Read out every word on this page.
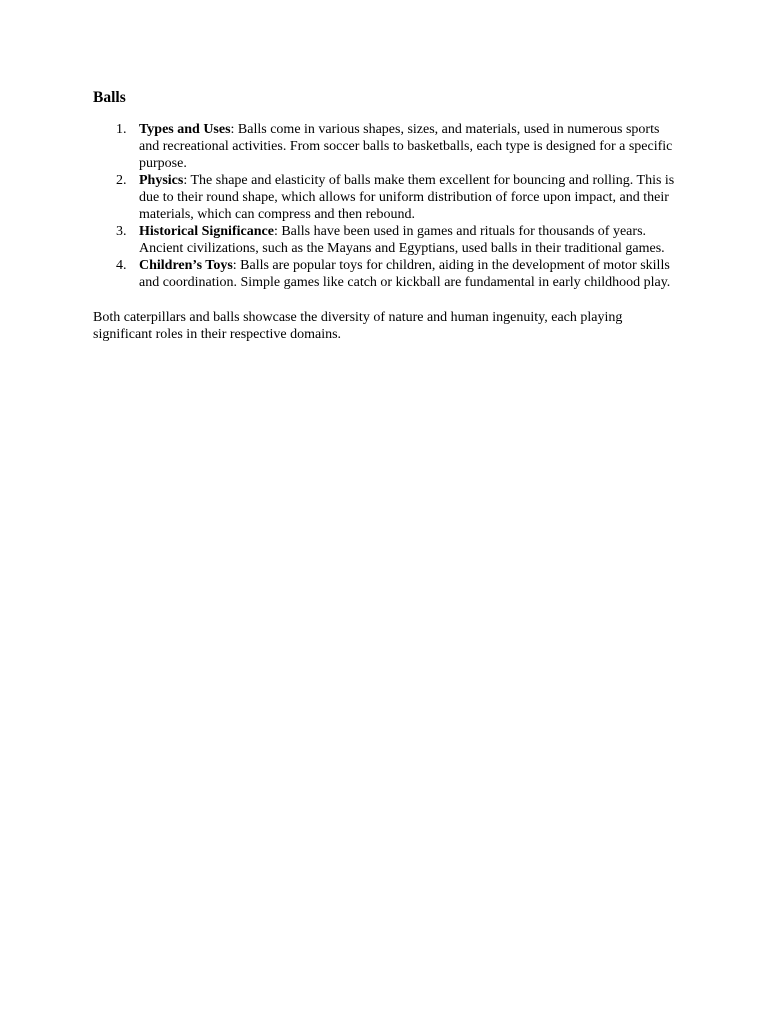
Balls
1. Types and Uses: Balls come in various shapes, sizes, and materials, used in numerous sports and recreational activities. From soccer balls to basketballs, each type is designed for a specific purpose.
2. Physics: The shape and elasticity of balls make them excellent for bouncing and rolling. This is due to their round shape, which allows for uniform distribution of force upon impact, and their materials, which can compress and then rebound.
3. Historical Significance: Balls have been used in games and rituals for thousands of years. Ancient civilizations, such as the Mayans and Egyptians, used balls in their traditional games.
4. Children’s Toys: Balls are popular toys for children, aiding in the development of motor skills and coordination. Simple games like catch or kickball are fundamental in early childhood play.

Both caterpillars and balls showcase the diversity of nature and human ingenuity, each playing significant roles in their respective domains.
